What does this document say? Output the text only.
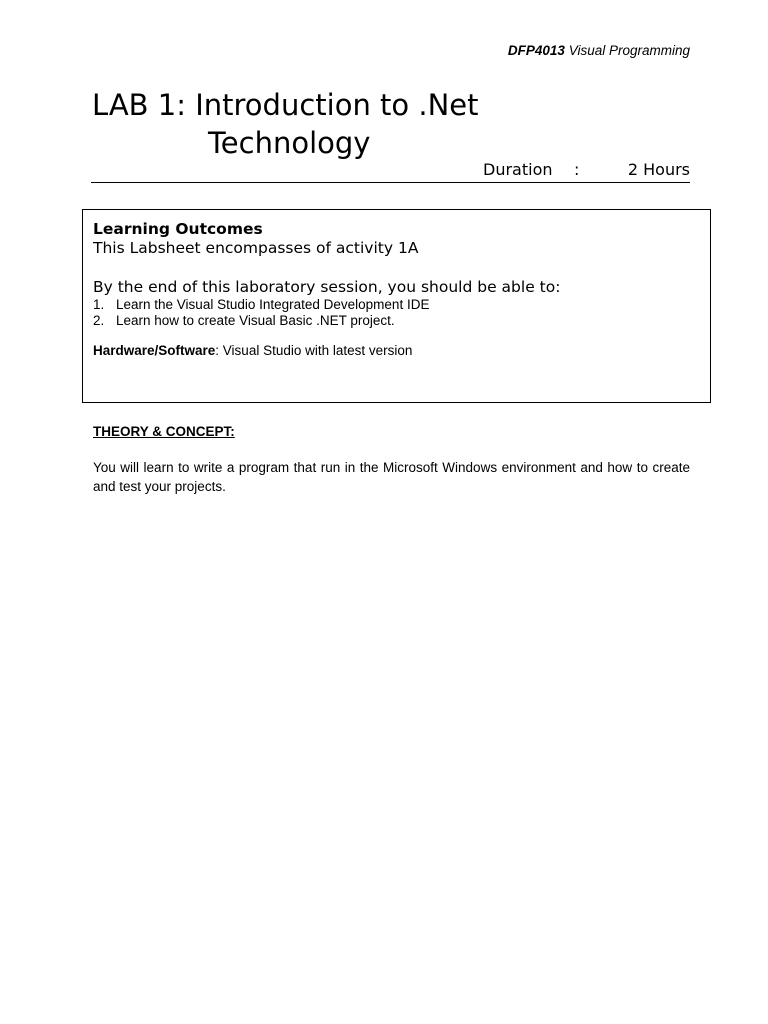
DFP4013 Visual Programming
LAB 1: Introduction to .Net
Technology
Duration :	2 Hours
Learning Outcomes
This Labsheet encompasses of activity 1A
By the end of this laboratory session, you should be able to:
1. Learn the Visual Studio Integrated Development IDE
2. Learn how to create Visual Basic .NET project.
Hardware/Software: Visual Studio with latest version
THEORY & CONCEPT:
You will learn to write a program that run in the Microsoft Windows environment and how to create and test your projects.
